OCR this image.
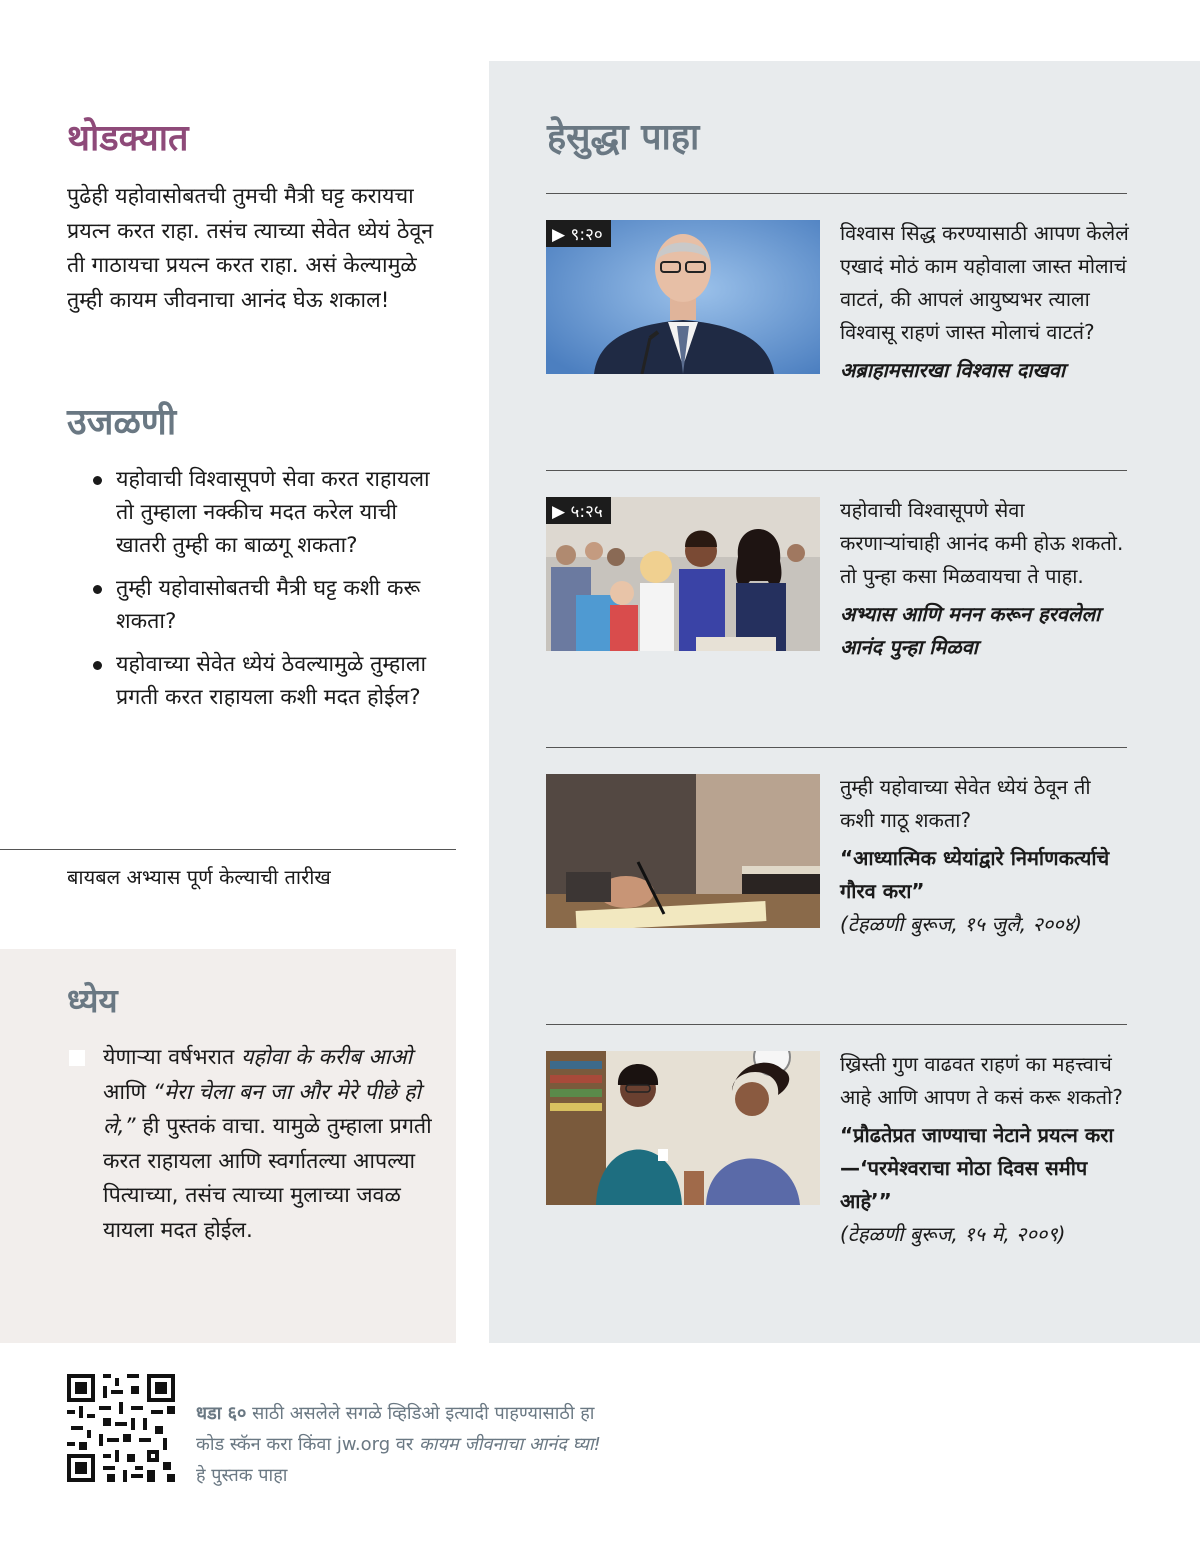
थोडक्यात

पुढेही यहोवासोबतची तुमची मैत्री घट्ट करायचा प्रयत्न करत राहा. तसंच त्याच्या सेवेत ध्येयं ठेवून ती गाठायचा प्रयत्न करत राहा. असं केल्यामुळे तुम्ही कायम जीवनाचा आनंद घेऊ शकाल!

उजळणी
यहोवाची विश्‍वासूपणे सेवा करत राहायला तो तुम्हाला नक्कीच मदत करेल याची खातरी तुम्ही का बाळगू शकता?
तुम्ही यहोवासोबतची मैत्री घट्ट कशी करू शकता?
यहोवाच्या सेवेत ध्येयं ठेवल्यामुळे तुम्हाला प्रगती करत राहायला कशी मदत होईल?
बायबल अभ्यास पूर्ण केल्याची तारीख
ध्येय

येणाऱ्या वर्षभरात यहोवा के करीब आओ आणि “मेरा चेला बन जा और मेरे पीछे हो ले,” ही पुस्तकं वाचा. यामुळे तुम्हाला प्रगती करत राहायला आणि स्वर्गातल्या आपल्या पित्याच्या, तसंच त्याच्या मुलाच्या जवळ यायला मदत होईल.

हेसुद्धा पाहा
▶ ९:२०	विश्‍वास सिद्ध करण्यासाठी आपण केलेलं एखादं मोठं काम यहोवाला जास्त मोलाचं वाटतं, की आपलं आयुष्यभर त्याला विश्‍वासू राहणं जास्त मोलाचं वाटतं?

अब्राहामसारखा विश्‍वास दाखवा

▶ ५:२५	यहोवाची विश्‍वासूपणे सेवा करणाऱ्यांचाही आनंद कमी होऊ शकतो. तो पुन्हा कसा मिळवायचा ते पाहा.

अभ्यास आणि मनन करून हरवलेला आनंद पुन्हा मिळवा

तुम्ही यहोवाच्या सेवेत ध्येयं ठेवून ती कशी गाठू शकता?

“आध्यात्मिक ध्येयांद्वारे निर्माणकर्त्याचे गौरव करा”

(टेहळणी बुरूज, १५ जुलै, २००४)

ख्रिस्ती गुण वाढवत राहणं का महत्त्वाचं आहे आणि आपण ते कसं करू शकतो?

“प्रौढतेप्रत जाण्याचा नेटाने प्रयत्न करा—‘परमेश्‍वराचा मोठा दिवस समीप आहे’”

(टेहळणी बुरूज, १५ मे, २००९)

धडा ६० साठी असलेले सगळे व्हिडिओ इत्यादी पाहण्यासाठी हा कोड स्कॅन करा किंवा jw.org वर कायम जीवनाचा आनंद घ्या! हे पुस्तक पाहा
